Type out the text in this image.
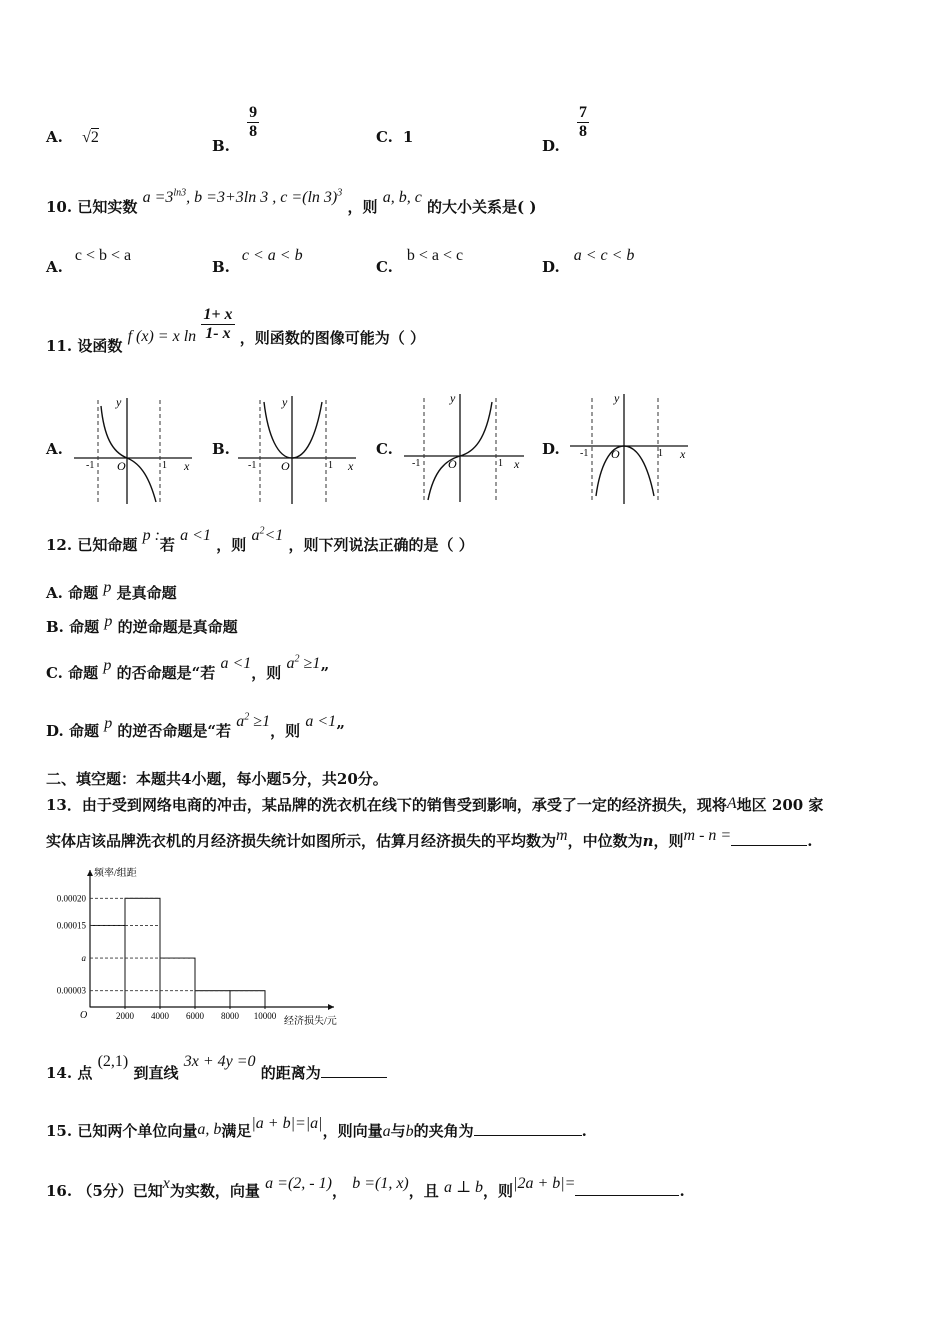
A. √2	B.
$\frac{9}{8}$	C. 1	D.
$\frac{7}{8}$
10. 已知实数 $a =3^{ln3}$, b =3+3ln 3 , c =(ln 3)$^3$ ，则 a, b, c 的大小关系是( )
A.c < b < a
B.c < a < b
C.b < a < c
D.a < c < b
11. 设函数 f (x) = x $\ln \frac{1+ x}{1- x}$ ，则函数的图像可能为（ ）
A.	B.	C.	D.
y
O	x
-1	1
y
O	x
-1	1
y
O	x
-1	1
y
O	x
-1	1
12. 已知命题 p :若 a <1 ，则 $a^2<1$ ，则下列说法正确的是（ ）
A. 命题 p 是真命题
B. 命题 p 的逆命题是真命题
C. 命题 p 的否命题是“若 a <1，则 $a^2 \ge 1$”
D. 命题 p 的逆否命题是“若 $a^2 \ge 1$，则 a <1”
二、填空题：本题共4小题，每小题5分，共20分。
13．由于受到网络电商的冲击，某品牌的洗衣机在线下的销售受到影响，承受了一定的经济损失，现将A地区 200 家
实体店该品牌洗衣机的月经济损失统计如图所示，估算月经济损失的平均数为m，中位数为n，则m - n =	.
频率/组距
经济损失/元
O
0.00020
0.00015
a
0.00003
2000 4000 6000 8000 10000
14. 点 (2,1) 到直线 3x + 4y =0 的距离为
15. 已知两个单位向量a, b满足|a + b|=|a|，则向量a与b的夹角为	.
16. （5分）已知x为实数，向量 a =(2, - 1)， b =(1, x)，且 a ⊥ b，则|2a + b|=	.
